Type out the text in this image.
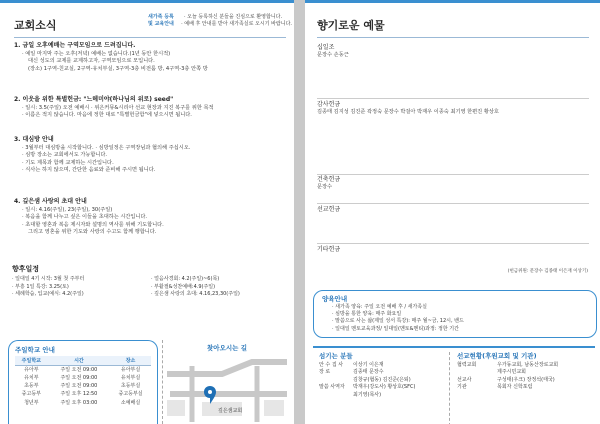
교회소식
새가족 등록	· 오늘 등록하신 분들을 진심으로 환영합니다.
및 교육안내	· 예배 후 안내를 받아 새가족실로 오시기 바랍니다.
1. 금일 오후예배는 구역모임으로 드려집니다.
· 예일 마지막 주는 오후(저녁) 예배는 없습니다.(1년 동안 한시적)
대신 성도의 교제를 교제하고자, 구역모임으로 모입니다.
(장소) 1구역-친교실, 2구역-유치부실, 3구역-3층 비전룸 방, 4구역-3층 안쪽 방
2. 이웃을 위한 특별헌금: "느헤미야(하나님의 위로) seed"
· 일시: 3.5(주일) 오전 예배시 · 위은커뮤&시리아 선교 현장과 지진 복구를 위한 목적
· 이름은 적지 않습니다. 마음에 정한 대로 "특별헌금함"에 넣으시면 됩니다.
3. 대심방 안내
· 3월부터 대심방을 시작합니다. · 심방일정은 구역장님과 협의해 주십시오.
· 심방 장소는 교회에서도 가능합니다.
· 기도 제목과 함께 교제하는 시간입니다.
· 식사는 하지 않으며, 간단한 음료와 준비해 주시면 됩니다.
4. 깊은샘 사랑의 초대 안내
· 일시: 4.16(주일), 23(주일), 30(주일)
· 복음을 함께 나누고 싶은 이들을 초대하는 시간입니다.
· 초대할 영혼과 복음 제시자와 설명의 역사를 위해 기도합니다.
그리고 영혼을 위한 기도와 사랑의 수고도 함께 행합니다.
향후일정
· 일대일 4기 시작: 3월 첫 주부터	· 얼음사경회: 4.2(주일)~6(목)
· 부흥 1일 특강: 3.25(토)	· 부활절&성찬예배:4.9(주일)
· 세례학습, 입교(예식: 4.2(주일)	· 깊은샘 사랑의 초대: 4.16,23,30(주일)
주일학교 안내
주일학교	시간	장소
유아부	주일 오전 09:00	유아부실
유치부	주일 오전 09:00	유치부실
초등부	주일 오전 09:00	초등부실
중고등부	주일 오후 12:50	중고등부실
청년부	주일 오후 03:00	소예배실
찾아오시는 길
깊은샘교회
향기로운 예물
십일조
문장수 손동근
감사헌금
김종태 김지성 김진준 곽정숙 문장수 박걸아 박재우 이종숙 최기영 한편진 황상호
건축헌금
문장수
선교헌금
기타헌금
(헌금위원: 문장수 김종태 이은재 이상기)
양육안내
· 새가족 양육: 주일 오전 예배 후 / 새가족실
· 심방을 통한 양육: 매주 화요일
· 말씀으로 사는 삶(제일 성서 특강): 매주 월~금, 12시, 밴드
· 일대일 멘토교육과정/ 일대일(멘토&멘티)과정: 정한 기간
섬기는 분들
안 수 집 사	이상기 이은재
장 로	김종태 문장수
김창규(협동) 김진준(은퇴)
말씀 사역자	박재우(강도사) 황상호(SFC)
최기영(목사)
선교현황(후원교회 및 기관)
협력교회	우가동교회, 남동산장로교회
제주시민교회
선교사	구성태(우크) 장정석(태국)
기관	목회자 신학포럼
